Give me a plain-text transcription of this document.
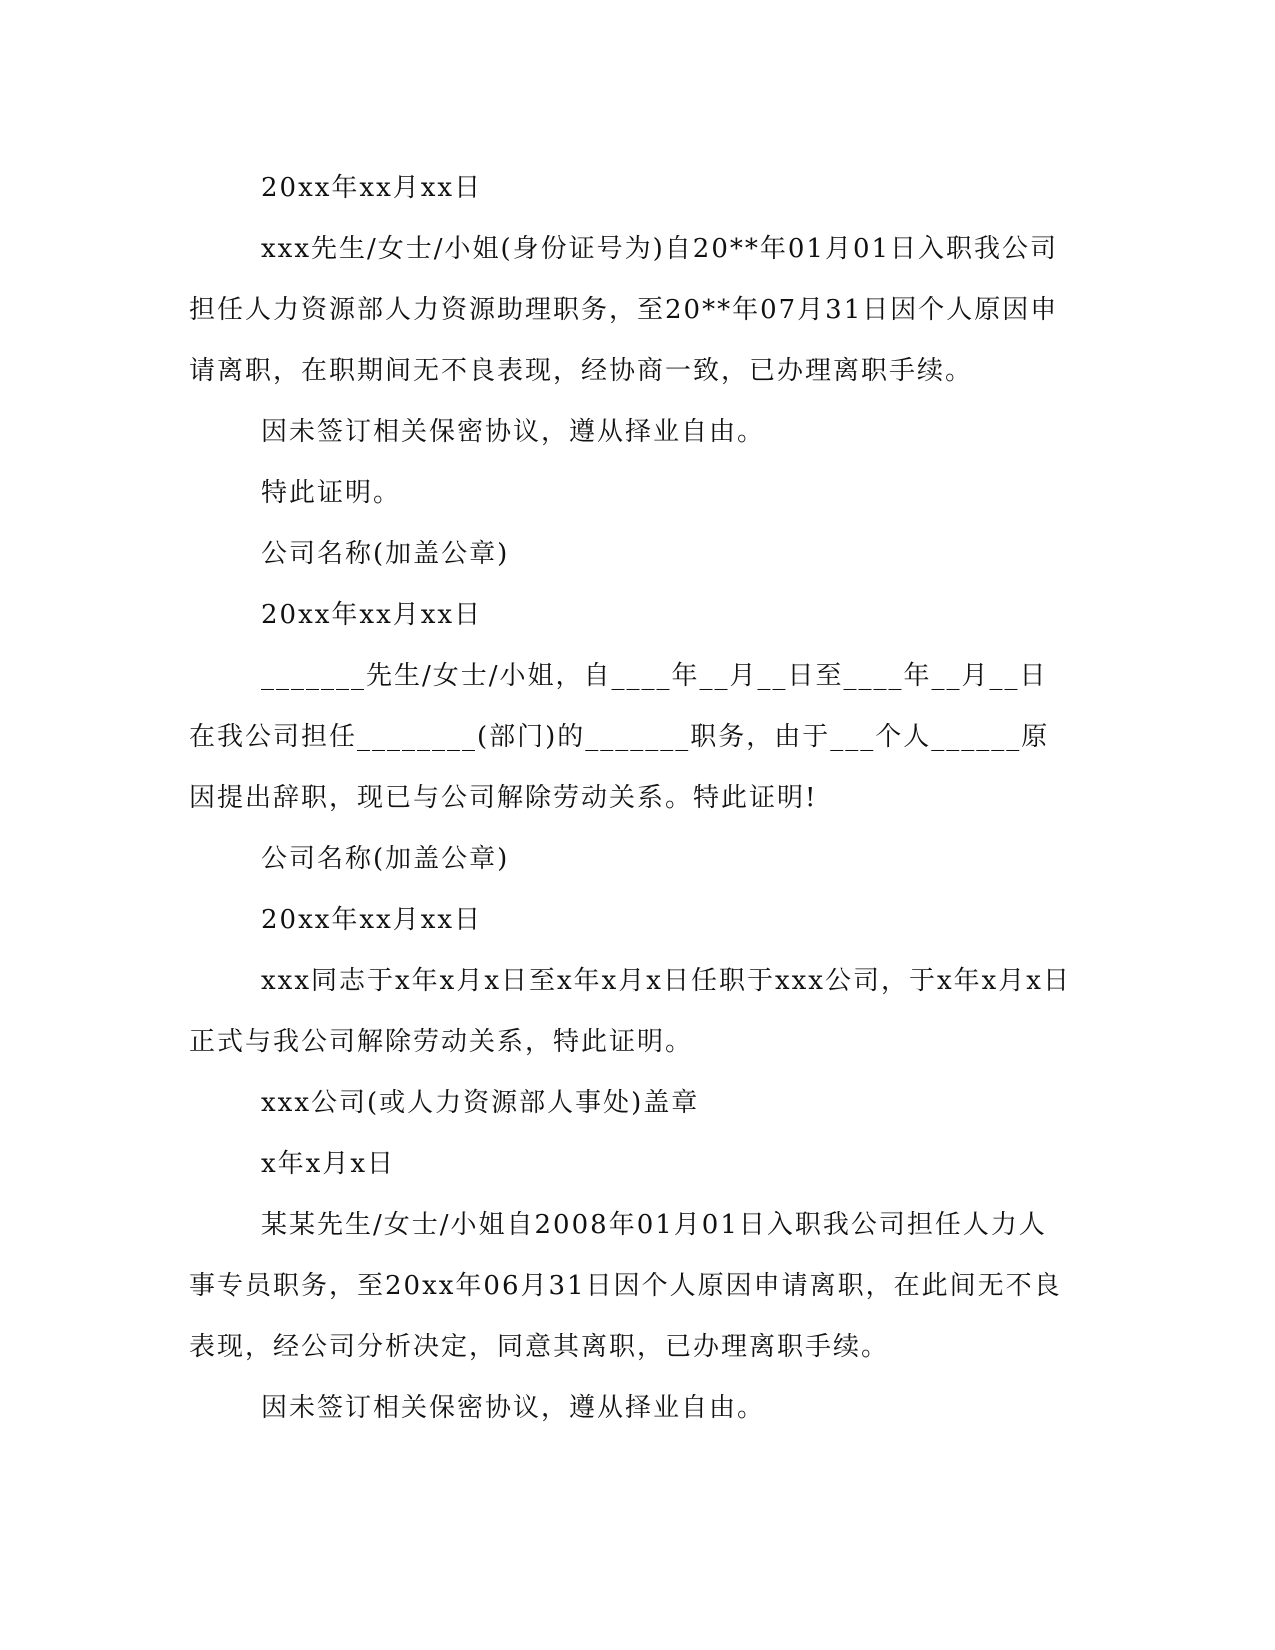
20xx年xx月xx日

xxx先生/女士/小姐(身份证号为)自20**年01月01日入职我公司担任人力资源部人力资源助理职务，至20**年07月31日因个人原因申请离职，在职期间无不良表现，经协商一致，已办理离职手续。

因未签订相关保密协议，遵从择业自由。

特此证明。

公司名称(加盖公章)

20xx年xx月xx日

_______先生/女士/小姐，自____年__月__日至____年__月__日在我公司担任________(部门)的_______职务，由于___个人______原因提出辞职，现已与公司解除劳动关系。特此证明!

公司名称(加盖公章)

20xx年xx月xx日

xxx同志于x年x月x日至x年x月x日任职于xxx公司，于x年x月x日正式与我公司解除劳动关系，特此证明。

xxx公司(或人力资源部人事处)盖章

x年x月x日

某某先生/女士/小姐自2008年01月01日入职我公司担任人力人事专员职务，至20xx年06月31日因个人原因申请离职，在此间无不良表现，经公司分析决定，同意其离职，已办理离职手续。

因未签订相关保密协议，遵从择业自由。
